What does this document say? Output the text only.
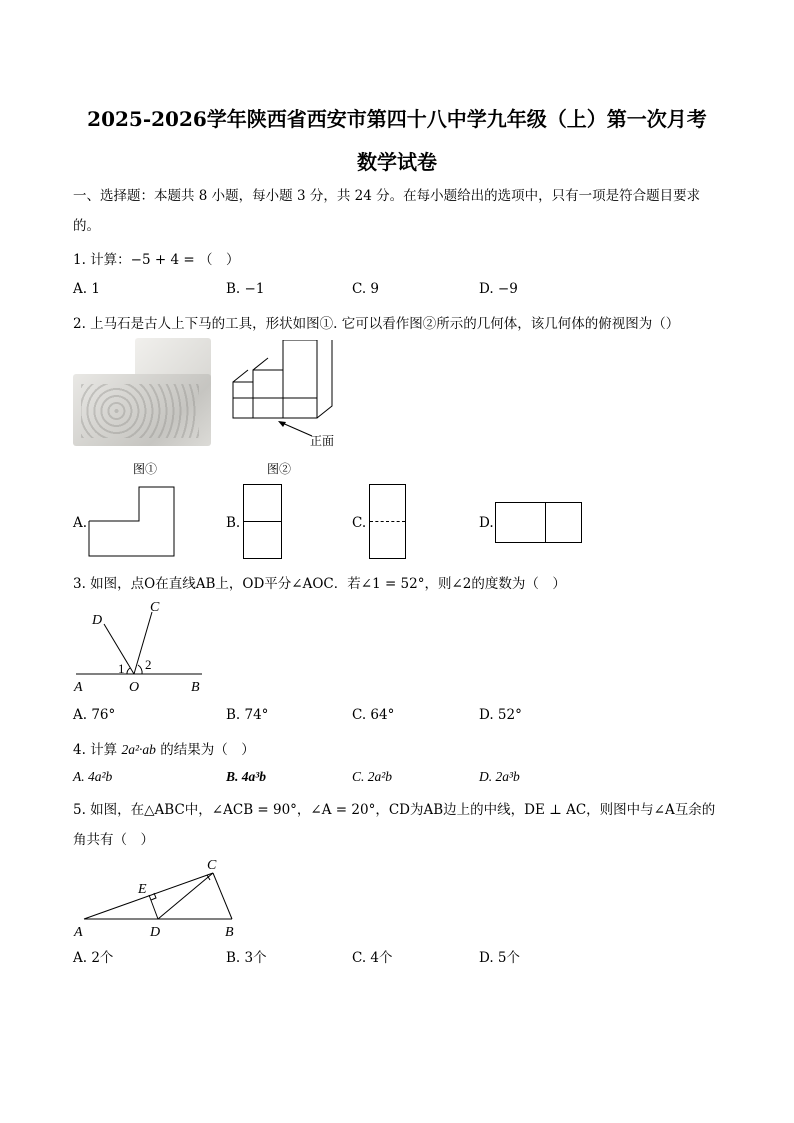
2025-2026学年陕西省西安市第四十八中学九年级（上）第一次月考
数学试卷
一、选择题：本题共 8 小题，每小题 3 分，共 24 分。在每小题给出的选项中，只有一项是符合题目要求的。
1. 计算：−5 + 4 = （　）
A. 1	B. −1	C. 9	D. −9
2. 上马石是古人上下马的工具，形状如图①. 它可以看作图②所示的几何体，该几何体的俯视图为（）
图①
正面
图②
A.	B.	C.	D.
3. 如图，点O在直线AB上，OD平分∠AOC．若∠1 = 52°，则∠2的度数为（　）
A	O	B
C
D
1 2
A. 76°	B. 74°	C. 64°	D. 52°
4. 计算 2a²·ab 的结果为（　）
A. 4a²b	B. 4a³b	C. 2a²b	D. 2a³b
5. 如图，在△ABC中，∠ACB = 90°，∠A = 20°，CD为AB边上的中线，DE ⊥ AC，则图中与∠A互余的角共有（　）
A	D	B
C
E
A. 2个	B. 3个	C. 4个	D. 5个
